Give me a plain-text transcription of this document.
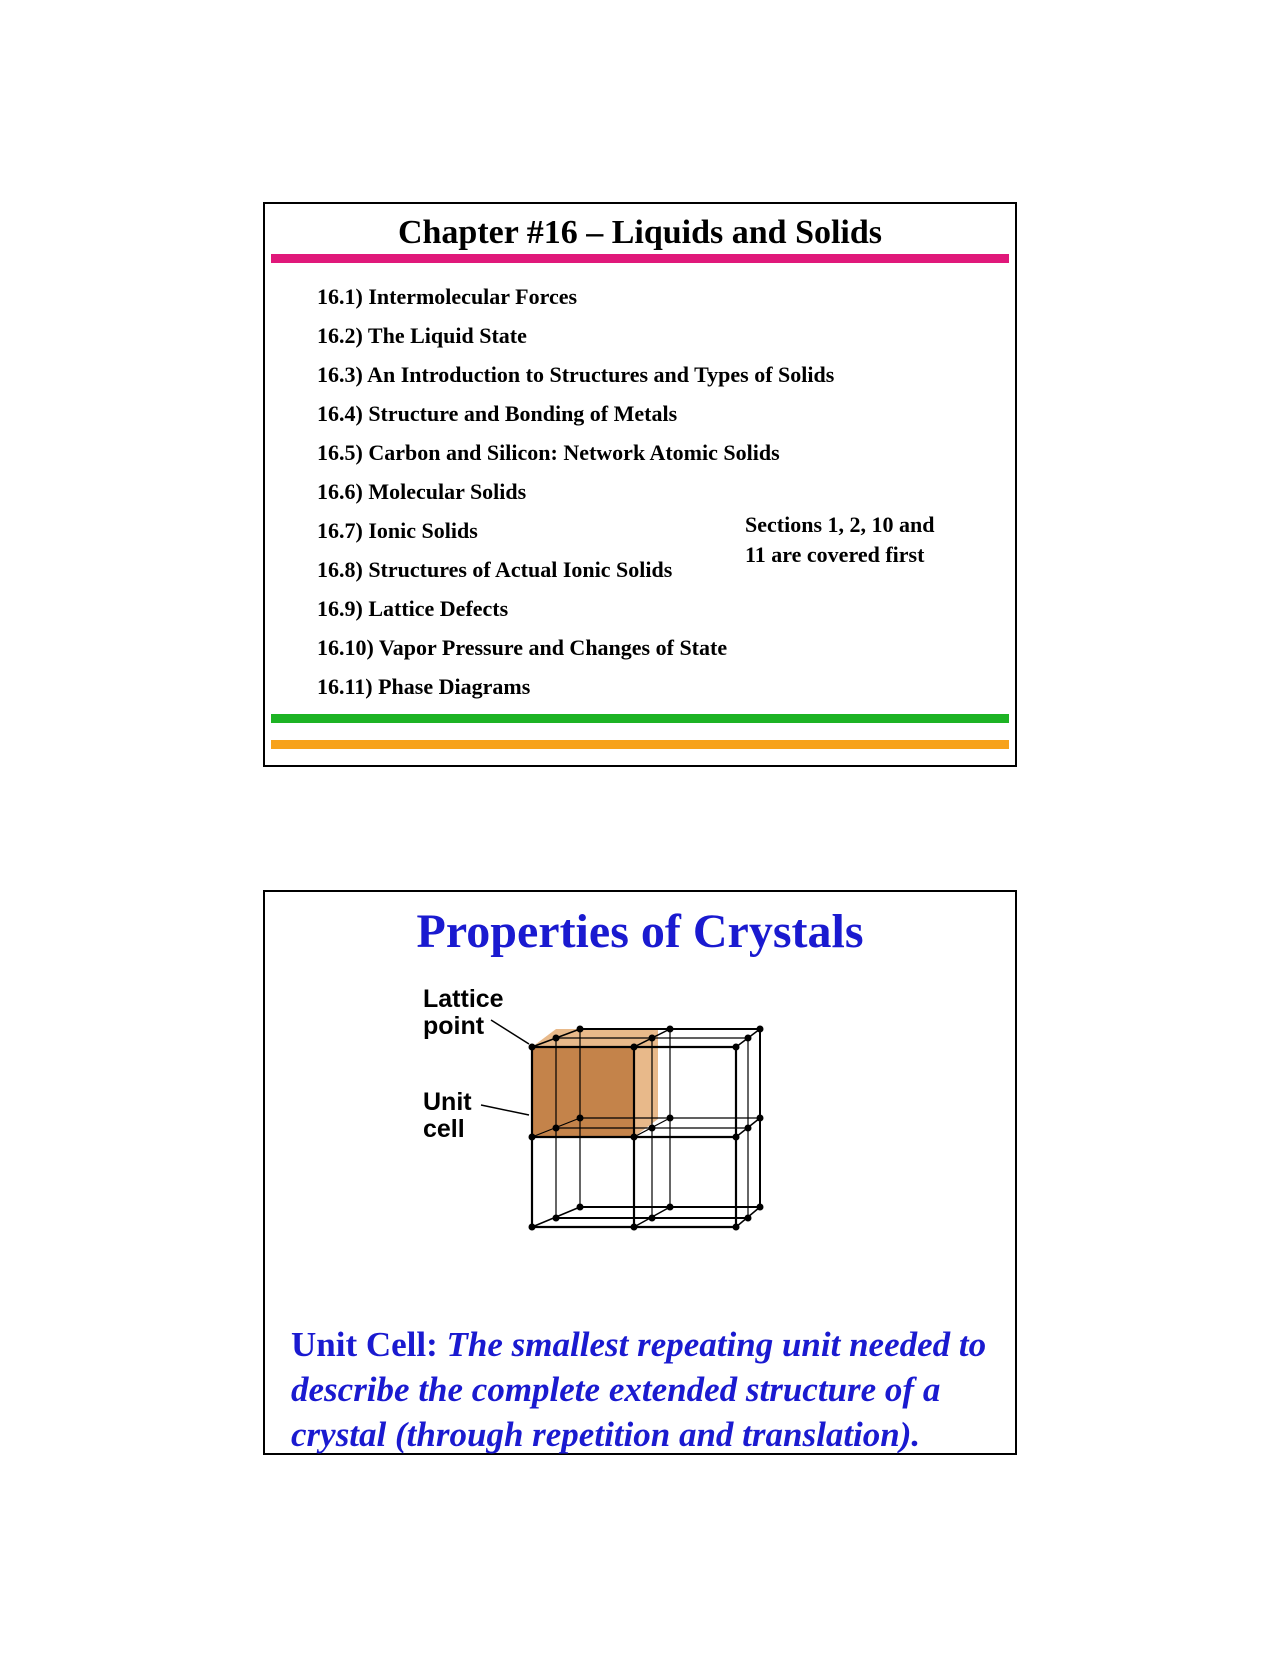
Chapter #16 – Liquids and Solids
16.1) Intermolecular Forces
16.2) The Liquid State
16.3) An Introduction to Structures and Types of Solids
16.4) Structure and Bonding of Metals
16.5) Carbon and Silicon: Network Atomic Solids
16.6) Molecular Solids
16.7) Ionic Solids
16.8) Structures of Actual Ionic Solids
16.9) Lattice Defects
16.10) Vapor Pressure and Changes of State
16.11) Phase Diagrams
Sections 1, 2, 10 and
11 are covered first
Properties of Crystals
Lattice
point
Unit
cell

Unit Cell: The smallest repeating unit needed to describe the complete extended structure of a crystal (through repetition and translation).
